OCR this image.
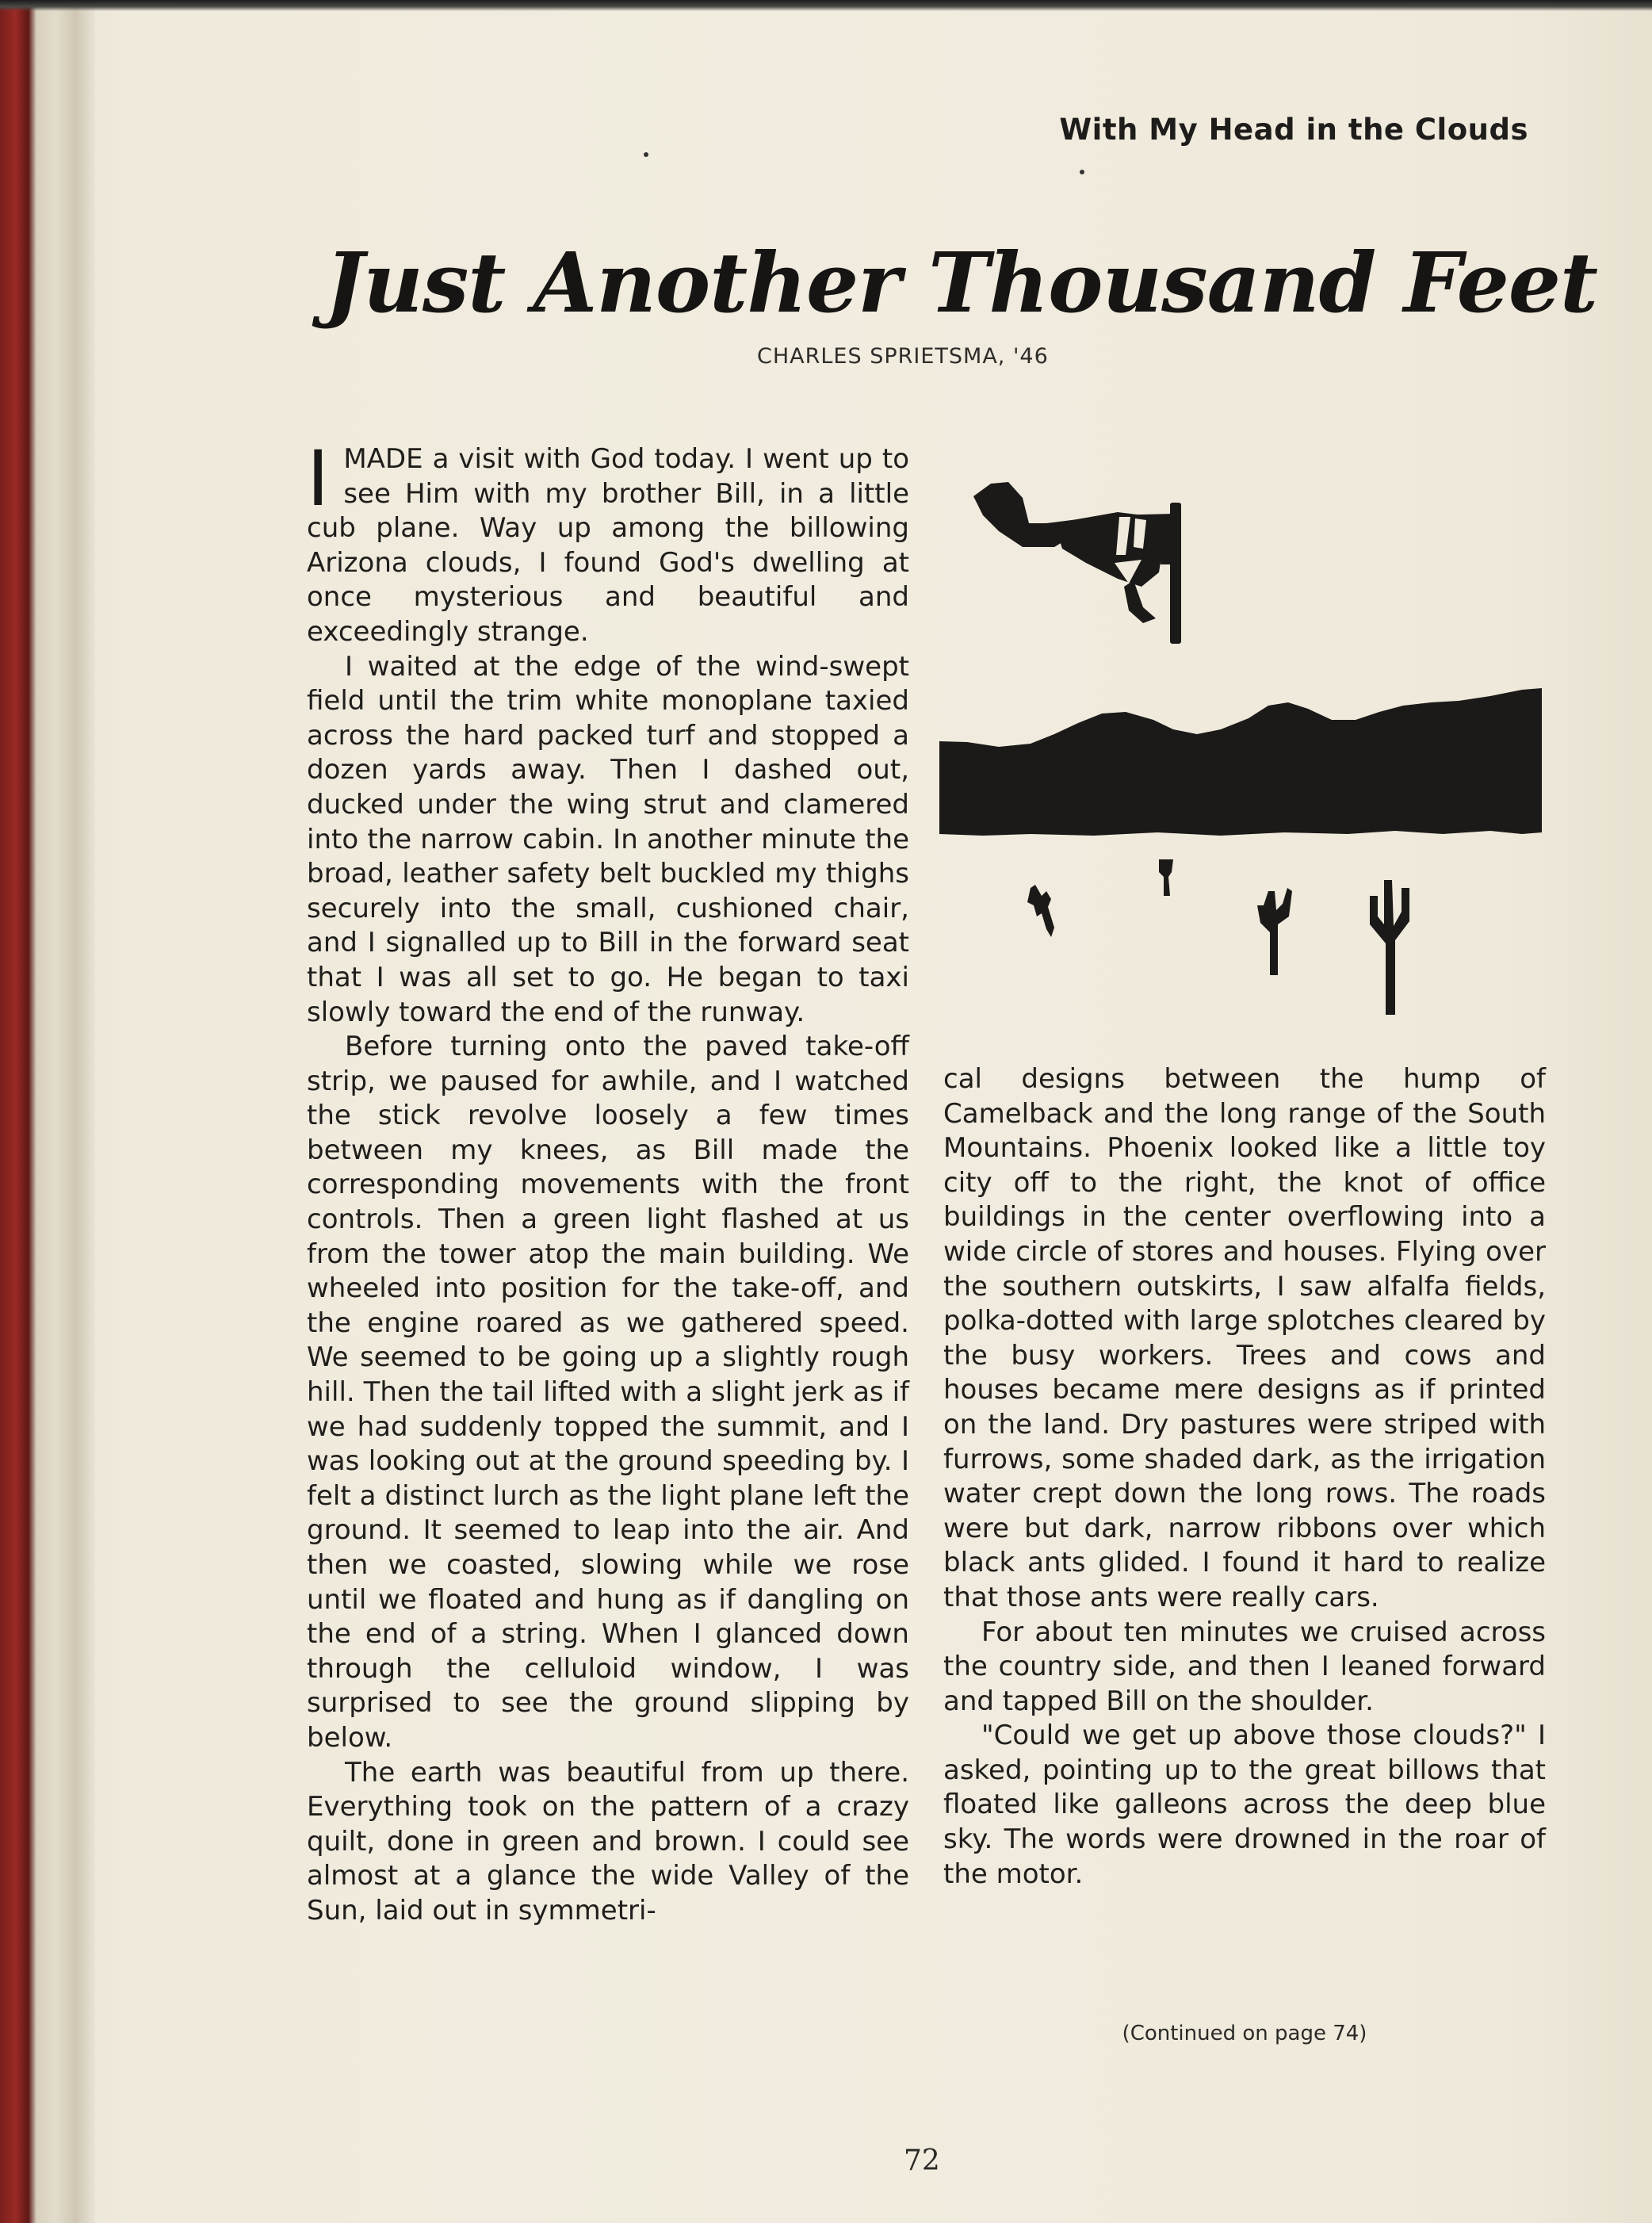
With My Head in the Clouds
Just Another Thousand Feet
CHARLES SPRIETSMA, '46

I MADE a visit with God today. I went up to see Him with my brother Bill, in a little cub plane. Way up among the billowing Arizona clouds, I found God's dwelling at once mysterious and beautiful and exceedingly strange.

I waited at the edge of the wind-swept field until the trim white monoplane taxied across the hard packed turf and stopped a dozen yards away. Then I dashed out, ducked under the wing strut and clamered into the narrow cabin. In another minute the broad, leather safety belt buckled my thighs securely into the small, cushioned chair, and I signalled up to Bill in the forward seat that I was all set to go. He began to taxi slowly toward the end of the runway.

Before turning onto the paved take-off strip, we paused for awhile, and I watched the stick revolve loosely a few times between my knees, as Bill made the corresponding movements with the front controls. Then a green light flashed at us from the tower atop the main building. We wheeled into position for the take-off, and the engine roared as we gathered speed. We seemed to be going up a slightly rough hill. Then the tail lifted with a slight jerk as if we had suddenly topped the summit, and I was looking out at the ground speeding by. I felt a distinct lurch as the light plane left the ground. It seemed to leap into the air. And then we coasted, slowing while we rose until we floated and hung as if dangling on the end of a string. When I glanced down through the celluloid window, I was surprised to see the ground slipping by below.

The earth was beautiful from up there. Everything took on the pattern of a crazy quilt, done in green and brown. I could see almost at a glance the wide Valley of the Sun, laid out in symmetri-

cal designs between the hump of Camelback and the long range of the South Mountains. Phoenix looked like a little toy city off to the right, the knot of office buildings in the center overflowing into a wide circle of stores and houses. Flying over the southern outskirts, I saw alfalfa fields, polka-dotted with large splotches cleared by the busy workers. Trees and cows and houses became mere designs as if printed on the land. Dry pastures were striped with furrows, some shaded dark, as the irrigation water crept down the long rows. The roads were but dark, narrow ribbons over which black ants glided. I found it hard to realize that those ants were really cars.

For about ten minutes we cruised across the country side, and then I leaned forward and tapped Bill on the shoulder.

"Could we get up above those clouds?" I asked, pointing up to the great billows that floated like galleons across the deep blue sky. The words were drowned in the roar of the motor.

(Continued on page 74)
72
